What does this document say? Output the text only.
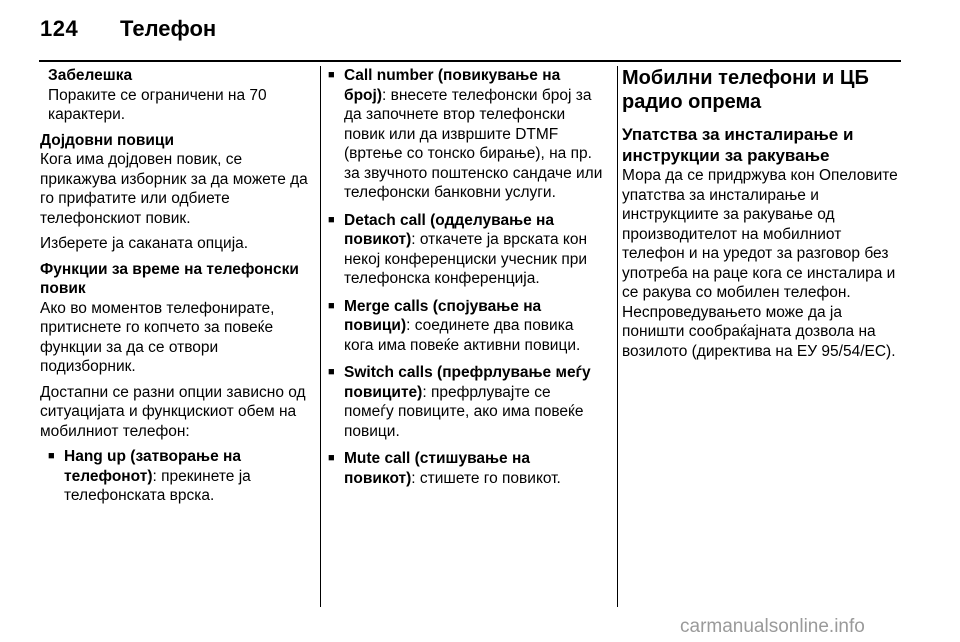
124 Телефон
Забелешка
Пораките се ограничени на 70 карактери.
Дојдовни повици

Кога има дојдовен повик, се прикажува изборник за да можете да го прифатите или одбиете телефонскиот повик.

Изберете ја саканата опција.

Функции за време на телефонски повик

Ако во моментов телефонирате, притиснете го копчето за повеќе функции за да се отвори подизборник.

Достапни се разни опции зависно од ситуацијата и функцискиот обем на мобилниот телефон:

■ Hang up (затворање на телефонот): прекинете ја телефонската врска.
■ Call number (повикување на број): внесете телефонски број за да започнете втор телефонски повик или да извршите DTMF (вртење со тонско бирање), на пр. за звучното поштенско сандаче или телефонски банковни услуги.
■ Detach call (одделување на повикот): откачете ја врската кон некој конференциски учесник при телефонска конференција.
■ Merge calls (спојување на повици): соединете два повика кога има повеќе активни повици.
■ Switch calls (префрлување меѓу повиците): префрлувајте се помеѓу повиците, ако има повеќе повици.
■ Mute call (стишување на повикот): стишете го повикот.
Мобилни телефони и ЦБ радио опрема
Упатства за инсталирање и инструкции за ракување
Мора да се придржува кон Опеловите упатства за инсталирање и инструкциите за ракување од производителот на мобилниот телефон и на уредот за разговор без употреба на раце кога се инсталира и се ракува со мобилен телефон.
Неспроведувањето може да ја поништи сообраќајната дозвола на возилото (директива на ЕУ 95/54/ЕС).
carmanualsonline.info
